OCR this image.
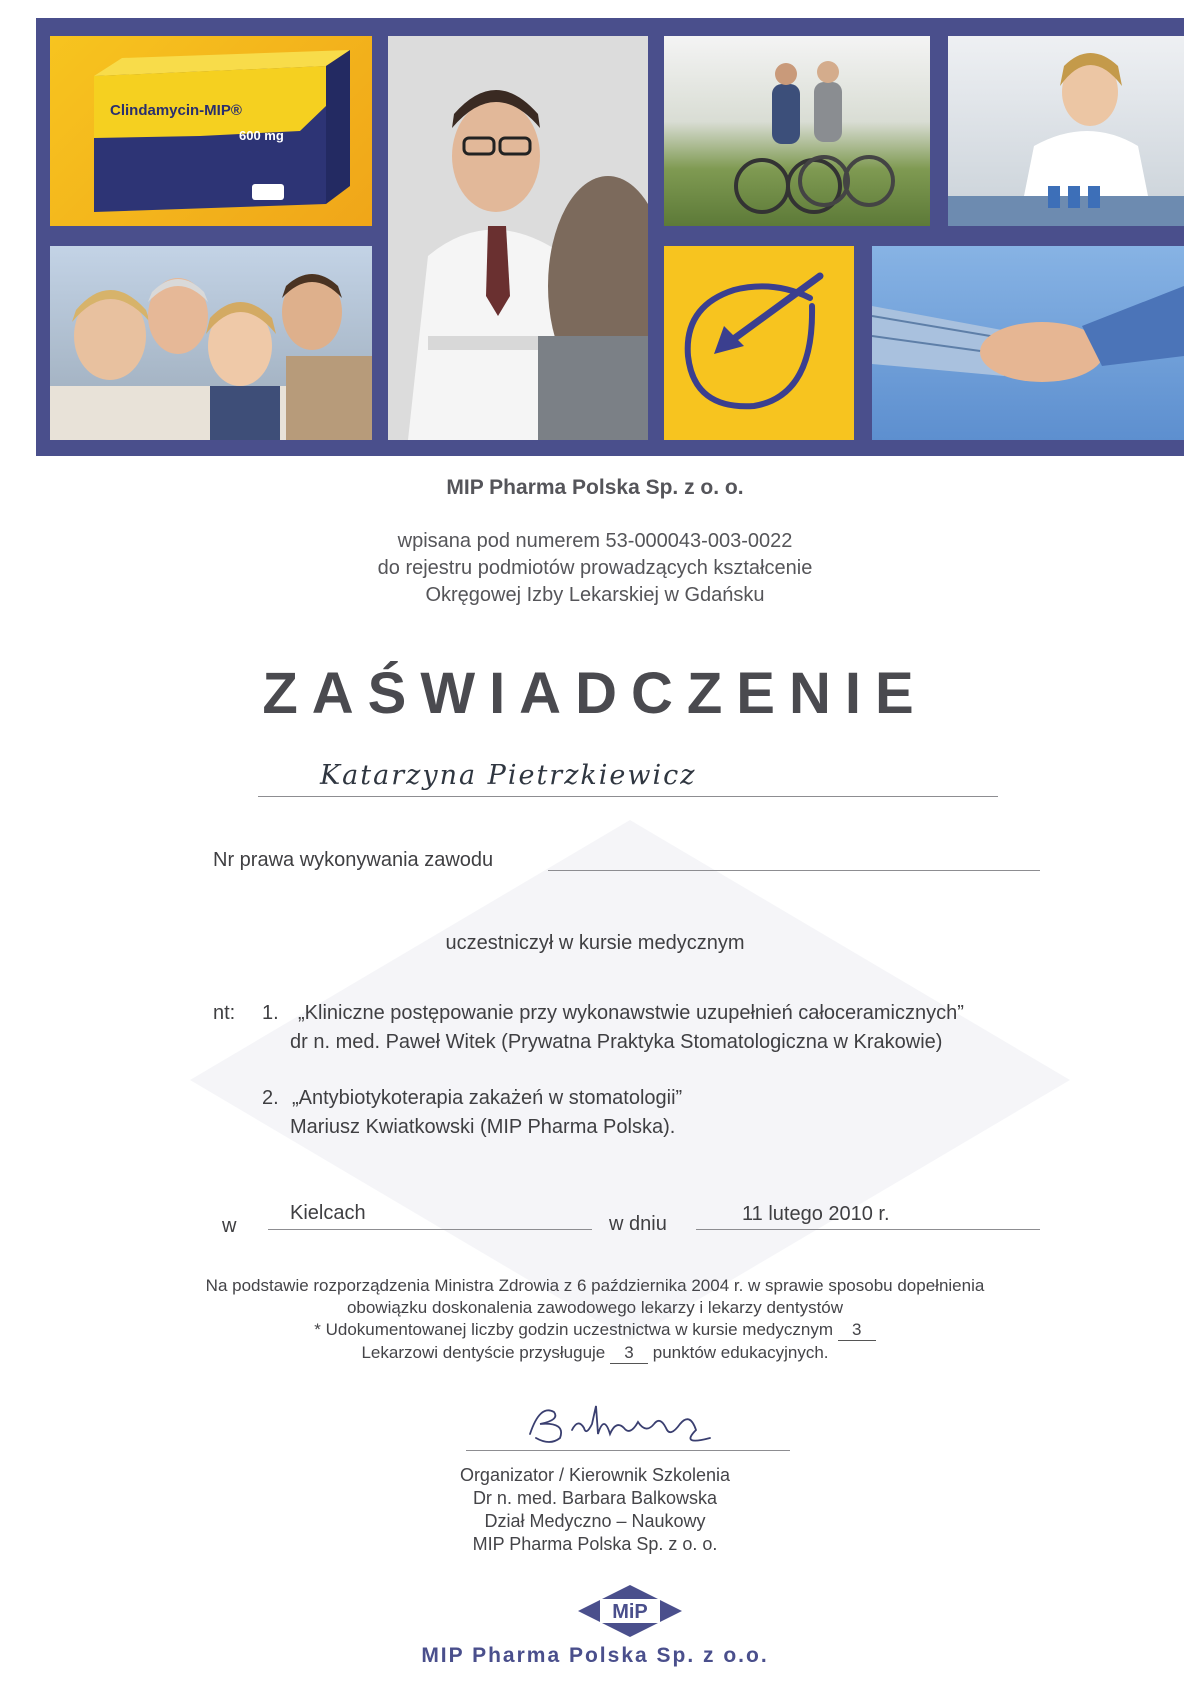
Clindamycin-MIP®
600 mg
MIP Pharma Polska Sp. z o. o.
wpisana pod numerem 53-000043-003-0022
do rejestru podmiotów prowadzących kształcenie
Okręgowej Izby Lekarskiej w Gdańsku
ZAŚWIADCZENIE
Katarzyna Pietrzkiewicz
Nr prawa wykonywania zawodu
uczestniczył w kursie medycznym
nt: 1. „Kliniczne postępowanie przy wykonawstwie uzupełnień całoceramicznych”
dr n. med. Paweł Witek (Prywatna Praktyka Stomatologiczna w Krakowie)
2. „Antybiotykoterapia zakażeń w stomatologii”
Mariusz Kwiatkowski (MIP Pharma Polska).
w
Kielcach	w dniu	11 lutego 2010 r.
Na podstawie rozporządzenia Ministra Zdrowia z 6 października 2004 r. w sprawie sposobu dopełnienia
obowiązku doskonalenia zawodowego lekarzy i lekarzy dentystów
* Udokumentowanej liczby godzin uczestnictwa w kursie medycznym 3
Lekarzowi dentyście przysługuje 3 punktów edukacyjnych.
Organizator / Kierownik Szkolenia
Dr n. med. Barbara Balkowska
Dział Medyczno – Naukowy
MIP Pharma Polska Sp. z o. o.
MiP
MIP Pharma Polska Sp. z o.o.
